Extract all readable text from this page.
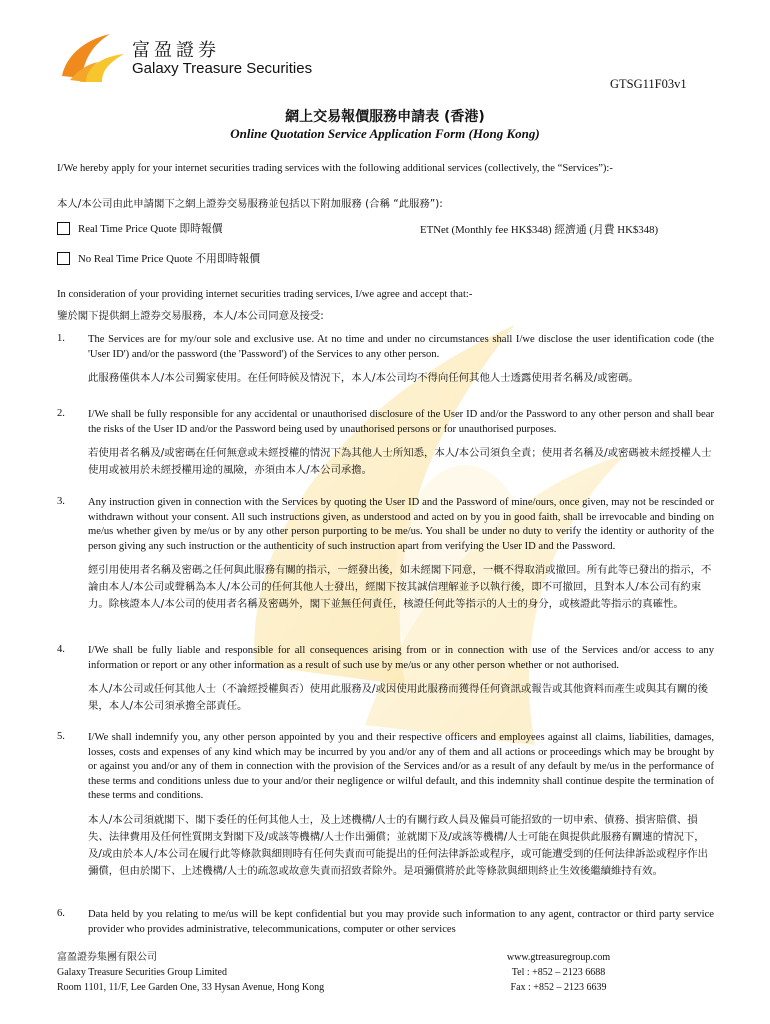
富盈證券
Galaxy Treasure Securities
GTSG11F03v1
網上交易報價服務申請表 (香港)
Online Quotation Service Application Form (Hong Kong)
I/We hereby apply for your internet securities trading services with the following additional services (collectively, the “Services”):-
本人/本公司由此申請閣下之網上證券交易服務並包括以下附加服務 (合稱 “此服務”):
Real Time Price Quote 即時報價	ETNet (Monthly fee HK$348) 經濟通 (月費 HK$348)
No Real Time Price Quote 不用即時報價
In consideration of your providing internet securities trading services, I/we agree and accept that:-
鑒於閣下提供網上證券交易服務，本人/本公司同意及接受:
1. The Services are for my/our sole and exclusive use. At no time and under no circumstances shall I/we disclose the user identification code (the 'User ID') and/or the password (the 'Password') of the Services to any other person.
此服務僅供本人/本公司獨家使用。在任何時候及情況下，本人/本公司均不得向任何其他人士透露使用者名稱及/或密碼。
2. I/We shall be fully responsible for any accidental or unauthorised disclosure of the User ID and/or the Password to any other person and shall bear the risks of the User ID and/or the Password being used by unauthorised persons or for unauthorised purposes.
若使用者名稱及/或密碼在任何無意或未經授權的情況下為其他人士所知悉，本人/本公司須負全責；使用者名稱及/或密碼被未經授權人士使用或被用於未經授權用途的風險，亦須由本人/本公司承擔。
3. Any instruction given in connection with the Services by quoting the User ID and the Password of mine/ours, once given, may not be rescinded or withdrawn without your consent. All such instructions given, as understood and acted on by you in good faith, shall be irrevocable and binding on me/us whether given by me/us or by any other person purporting to be me/us. You shall be under no duty to verify the identity or authority of the person giving any such instruction or the authenticity of such instruction apart from verifying the User ID and the Password.
經引用使用者名稱及密碼之任何與此服務有關的指示，一經發出後，如未經閣下同意，一概不得取消或撤回。所有此等已發出的指示，不論由本人/本公司或聲稱為本人/本公司的任何其他人士發出，經閣下按其誠信理解並予以執行後，即不可撤回，且對本人/本公司有約束力。除核證本人/本公司的使用者名稱及密碼外，閣下並無任何責任，核證任何此等指示的人士的身分，或核證此等指示的真確性。
4. I/We shall be fully liable and responsible for all consequences arising from or in connection with use of the Services and/or access to any information or report or any other information as a result of such use by me/us or any other person whether or not authorised.
本人/本公司或任何其他人士（不論經授權與否）使用此服務及/或因使用此服務而獲得任何資訊或報告或其他資料而產生或與其有關的後果，本人/本公司須承擔全部責任。
5. I/We shall indemnify you, any other person appointed by you and their respective officers and employees against all claims, liabilities, damages, losses, costs and expenses of any kind which may be incurred by you and/or any of them and all actions or proceedings which may be brought by or against you and/or any of them in connection with the provision of the Services and/or as a result of any default by me/us in the performance of these terms and conditions unless due to your and/or their negligence or wilful default, and this indemnity shall continue despite the termination of these terms and conditions.
本人/本公司須就閣下、閣下委任的任何其他人士，及上述機構/人士的有關行政人員及僱員可能招致的一切申索、債務、損害賠償、損失、法律費用及任何性質開支對閣下及/或該等機構/人士作出彌償；並就閣下及/或該等機構/人士可能在與提供此服務有關連的情況下，及/或由於本人/本公司在履行此等條款與細則時有任何失責而可能提出的任何法律訴訟或程序，或可能遭受到的任何法律訴訟或程序作出彌償，但由於閣下、上述機構/人士的疏忽或故意失責而招致者除外。是項彌償將於此等條款與細則終止生效後繼續維持有效。
6. Data held by you relating to me/us will be kept confidential but you may provide such information to any agent, contractor or third party service provider who provides administrative, telecommunications, computer or other services
富盈證券集團有限公司
Galaxy Treasure Securities Group Limited
Room 1101, 11/F, Lee Garden One, 33 Hysan Avenue, Hong Kong
www.gtreasuregroup.com
Tel : +852 – 2123 6688
Fax : +852 – 2123 6639
